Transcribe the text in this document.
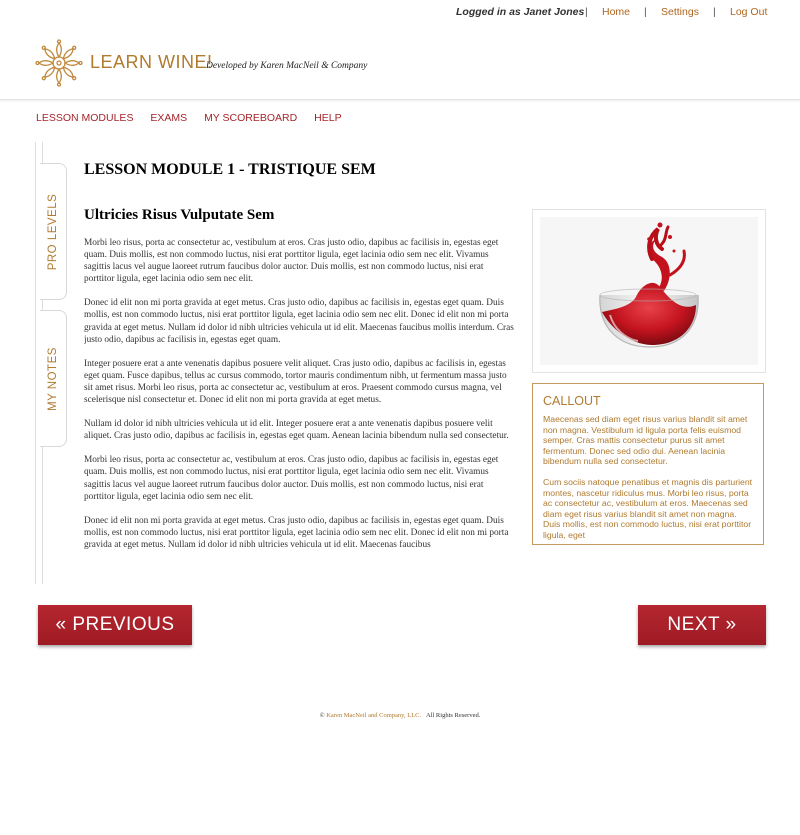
Logged in as Janet Jones | Home | Settings | Log Out
LEARN WINE!
Developed by Karen MacNeil & Company
LESSON MODULES EXAMS MY SCOREBOARD HELP
PRO LEVELS
MY NOTES
LESSON MODULE 1 - TRISTIQUE SEM
Ultricies Risus Vulputate Sem

Morbi leo risus, porta ac consectetur ac, vestibulum at eros. Cras justo odio, dapibus ac facilisis in, egestas eget quam. Duis mollis, est non commodo luctus, nisi erat porttitor ligula, eget lacinia odio sem nec elit. Vivamus sagittis lacus vel augue laoreet rutrum faucibus dolor auctor. Duis mollis, est non commodo luctus, nisi erat porttitor ligula, eget lacinia odio sem nec elit.

Donec id elit non mi porta gravida at eget metus. Cras justo odio, dapibus ac facilisis in, egestas eget quam. Duis mollis, est non commodo luctus, nisi erat porttitor ligula, eget lacinia odio sem nec elit. Donec id elit non mi porta gravida at eget metus. Nullam id dolor id nibh ultricies vehicula ut id elit. Maecenas faucibus mollis interdum. Cras justo odio, dapibus ac facilisis in, egestas eget quam.

Integer posuere erat a ante venenatis dapibus posuere velit aliquet. Cras justo odio, dapibus ac facilisis in, egestas eget quam. Fusce dapibus, tellus ac cursus commodo, tortor mauris condimentum nibh, ut fermentum massa justo sit amet risus. Morbi leo risus, porta ac consectetur ac, vestibulum at eros. Praesent commodo cursus magna, vel scelerisque nisl consectetur et. Donec id elit non mi porta gravida at eget metus.

Nullam id dolor id nibh ultricies vehicula ut id elit. Integer posuere erat a ante venenatis dapibus posuere velit aliquet. Cras justo odio, dapibus ac facilisis in, egestas eget quam. Aenean lacinia bibendum nulla sed consectetur.

Morbi leo risus, porta ac consectetur ac, vestibulum at eros. Cras justo odio, dapibus ac facilisis in, egestas eget quam. Duis mollis, est non commodo luctus, nisi erat porttitor ligula, eget lacinia odio sem nec elit. Vivamus sagittis lacus vel augue laoreet rutrum faucibus dolor auctor. Duis mollis, est non commodo luctus, nisi erat porttitor ligula, eget lacinia odio sem nec elit.

Donec id elit non mi porta gravida at eget metus. Cras justo odio, dapibus ac facilisis in, egestas eget quam. Duis mollis, est non commodo luctus, nisi erat porttitor ligula, eget lacinia odio sem nec elit. Donec id elit non mi porta gravida at eget metus. Nullam id dolor id nibh ultricies vehicula ut id elit. Maecenas faucibus

CALLOUT

Maecenas sed diam eget risus varius blandit sit amet non magna. Vestibulum id ligula porta felis euismod semper. Cras mattis consectetur purus sit amet fermentum. Donec sed odio dui. Aenean lacinia bibendum nulla sed consectetur.

Cum sociis natoque penatibus et magnis dis parturient montes, nascetur ridiculus mus. Morbi leo risus, porta ac consectetur ac, vestibulum at eros. Maecenas sed diam eget risus varius blandit sit amet non magna. Duis mollis, est non commodo luctus, nisi erat porttitor ligula, eget

« PREVIOUS	NEXT »
© Karen MacNeil and Company, LLC. All Rights Reserved.
